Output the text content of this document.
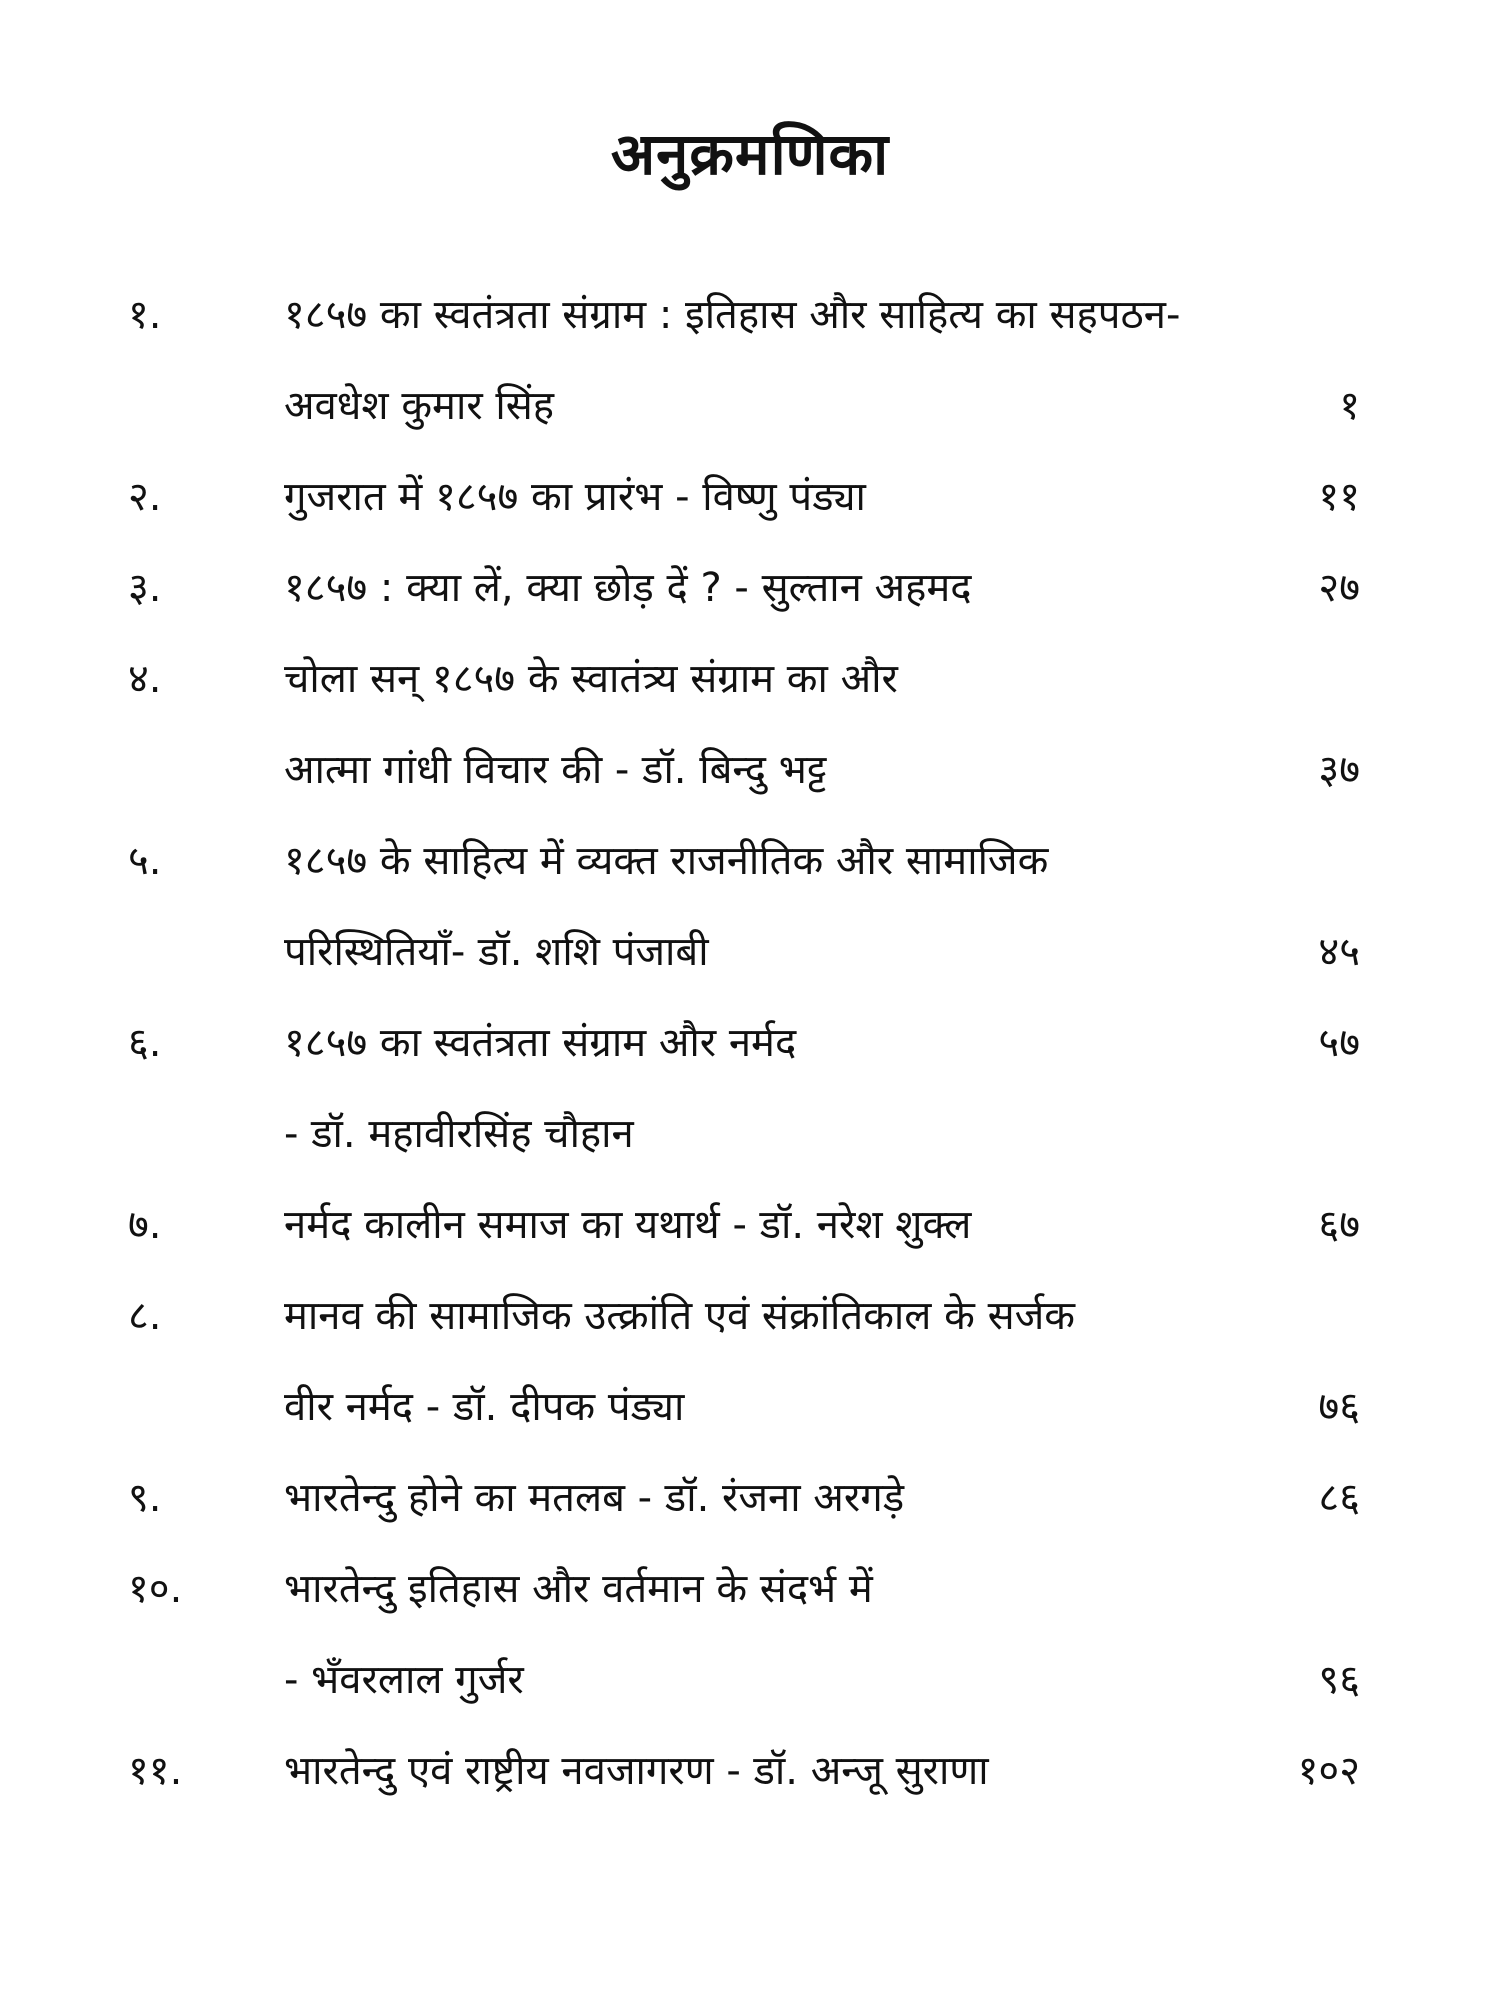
अनुक्रमणिका
१.	१८५७ का स्वतंत्रता संग्राम : इतिहास और साहित्य का सहपठन-
अवधेश कुमार सिंह	१
२.	गुजरात में १८५७ का प्रारंभ - विष्णु पंड्या	११
३.	१८५७ : क्या लें, क्या छोड़ दें ? - सुल्तान अहमद	२७
४.	चोला सन् १८५७ के स्वातंत्र्य संग्राम का और
आत्मा गांधी विचार की - डॉ. बिन्दु भट्ट	३७
५.	१८५७ के साहित्य में व्यक्त राजनीतिक और सामाजिक
परिस्थितियाँ- डॉ. शशि पंजाबी	४५
६.	१८५७ का स्वतंत्रता संग्राम और नर्मद	५७
- डॉ. महावीरसिंह चौहान
७.	नर्मद कालीन समाज का यथार्थ - डॉ. नरेश शुक्ल	६७
८.	मानव की सामाजिक उत्क्रांति एवं संक्रांतिकाल के सर्जक
वीर नर्मद - डॉ. दीपक पंड्या	७६
९.	भारतेन्दु होने का मतलब - डॉ. रंजना अरगड़े	८६
१०.	भारतेन्दु इतिहास और वर्तमान के संदर्भ में
- भँवरलाल गुर्जर	९६
११.	भारतेन्दु एवं राष्ट्रीय नवजागरण - डॉ. अन्जू सुराणा	१०२
